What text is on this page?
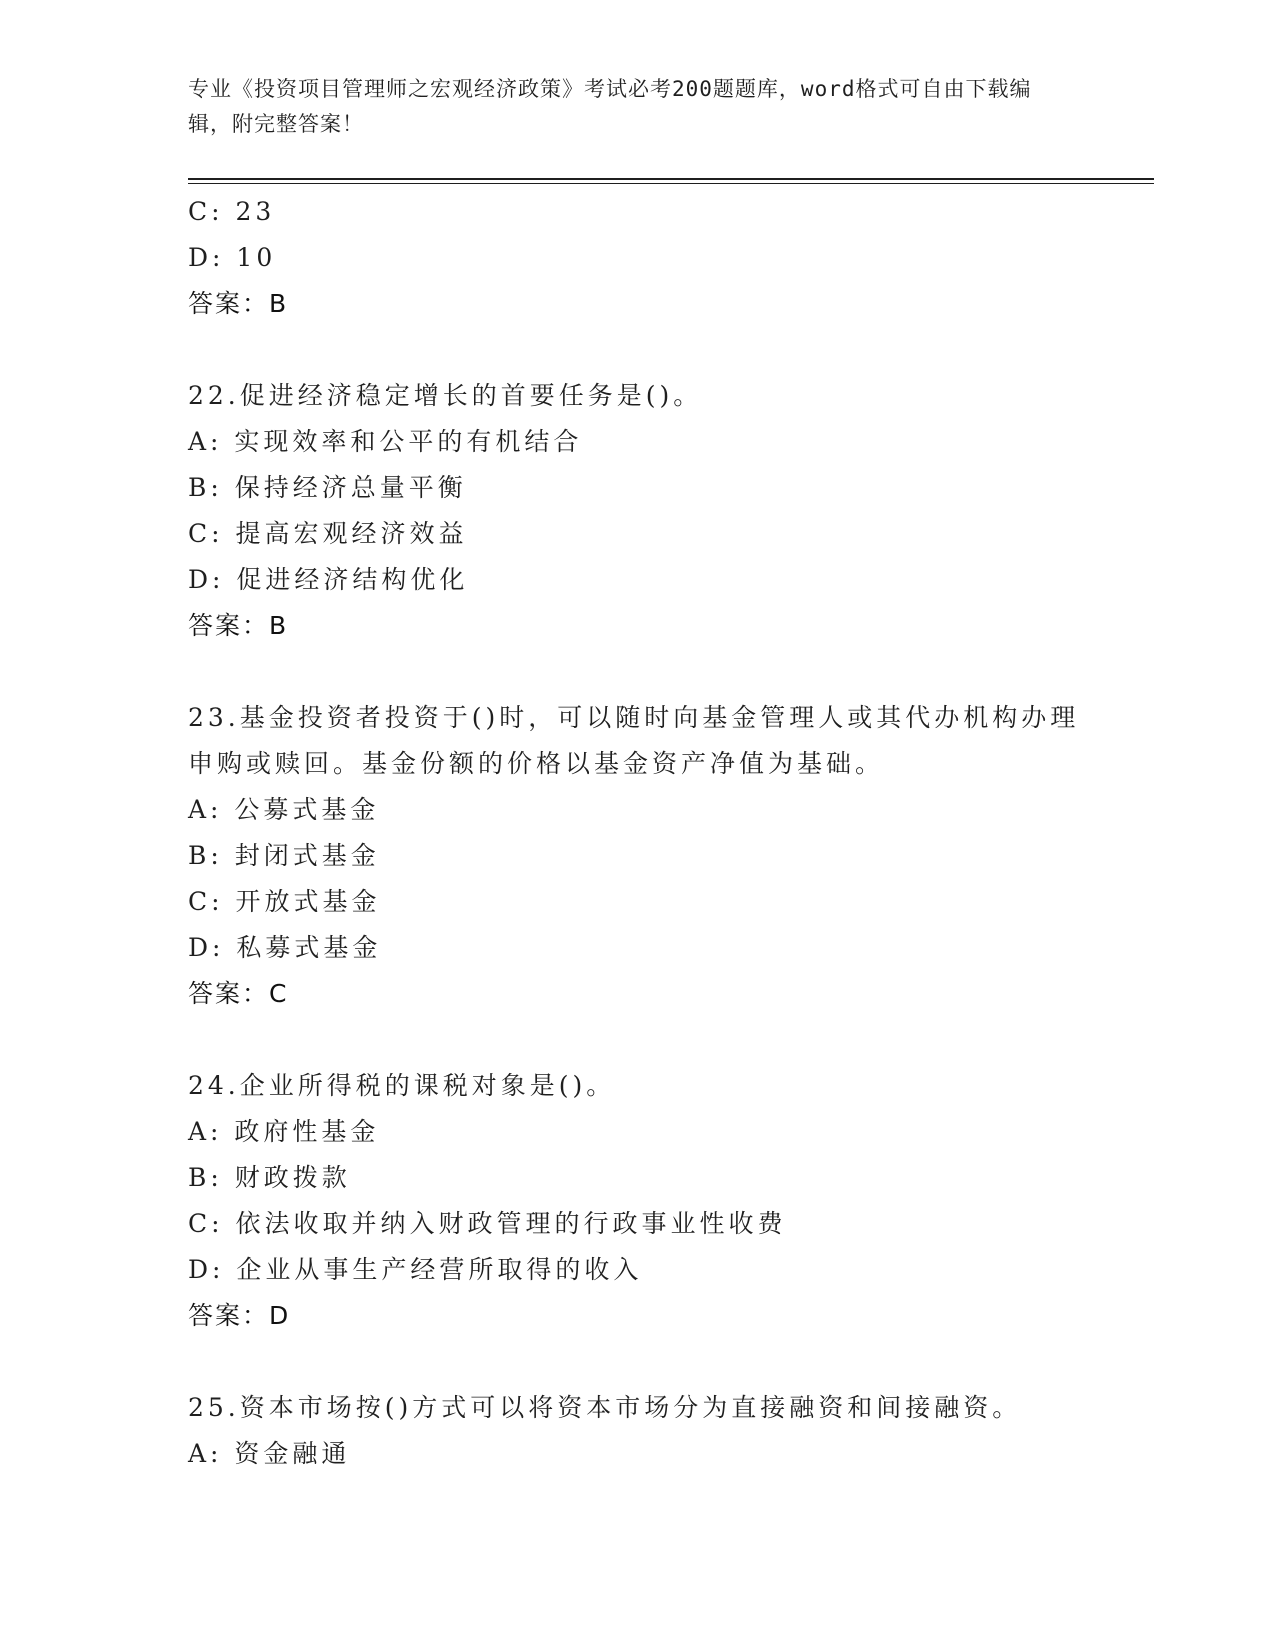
专业《投资项目管理师之宏观经济政策》考试必考200题题库，word格式可自由下载编辑，附完整答案！
C: 23
D: 10
答案：B
22.促进经济稳定增长的首要任务是()。
A: 实现效率和公平的有机结合
B: 保持经济总量平衡
C: 提高宏观经济效益
D: 促进经济结构优化
答案：B
23.基金投资者投资于()时，可以随时向基金管理人或其代办机构办理申购或赎回。基金份额的价格以基金资产净值为基础。
A: 公募式基金
B: 封闭式基金
C: 开放式基金
D: 私募式基金
答案：C
24.企业所得税的课税对象是()。
A: 政府性基金
B: 财政拨款
C: 依法收取并纳入财政管理的行政事业性收费
D: 企业从事生产经营所取得的收入
答案：D
25.资本市场按()方式可以将资本市场分为直接融资和间接融资。
A: 资金融通
